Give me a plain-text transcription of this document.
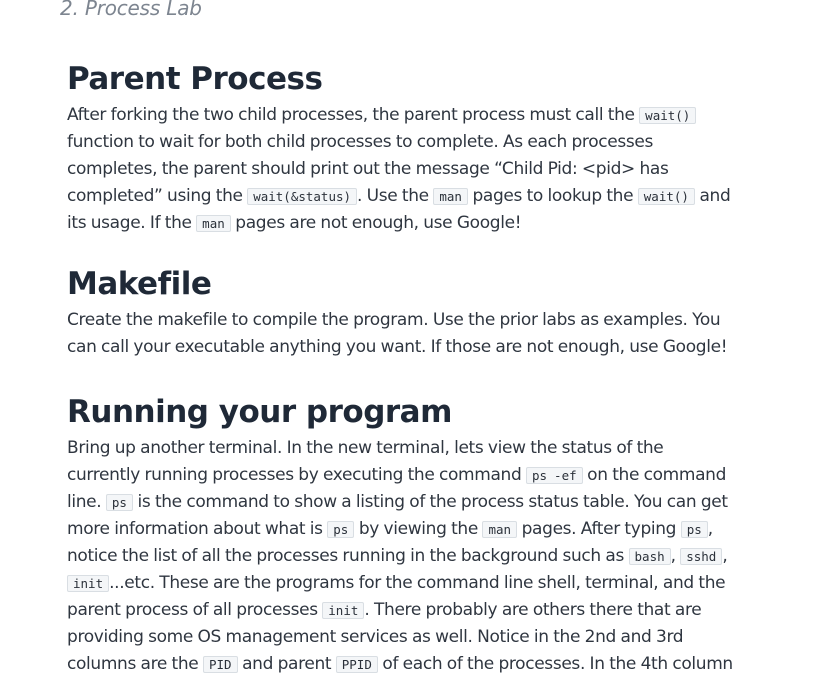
2. Process Lab
Parent Process

After forking the two child processes, the parent process must call the wait() function to wait for both child processes to complete. As each processes completes, the parent should print out the message “Child Pid: <pid> has completed” using the wait(&status) . Use the man pages to lookup the wait() and its usage. If the man pages are not enough, use Google!

Makefile

Create the makefile to compile the program. Use the prior labs as examples. You can call your executable anything you want. If those are not enough, use Google!

Running your program

Bring up another terminal. In the new terminal, lets view the status of the currently running processes by executing the command ps -ef on the command line. ps is the command to show a listing of the process status table. You can get more information about what is ps by viewing the man pages. After typing ps , notice the list of all the processes running in the background such as bash , sshd , init ...etc. These are the programs for the command line shell, terminal, and the parent process of all processes init . There probably are others there that are providing some OS management services as well. Notice in the 2nd and 3rd columns are the PID and parent PPID of each of the processes. In the 4th column
